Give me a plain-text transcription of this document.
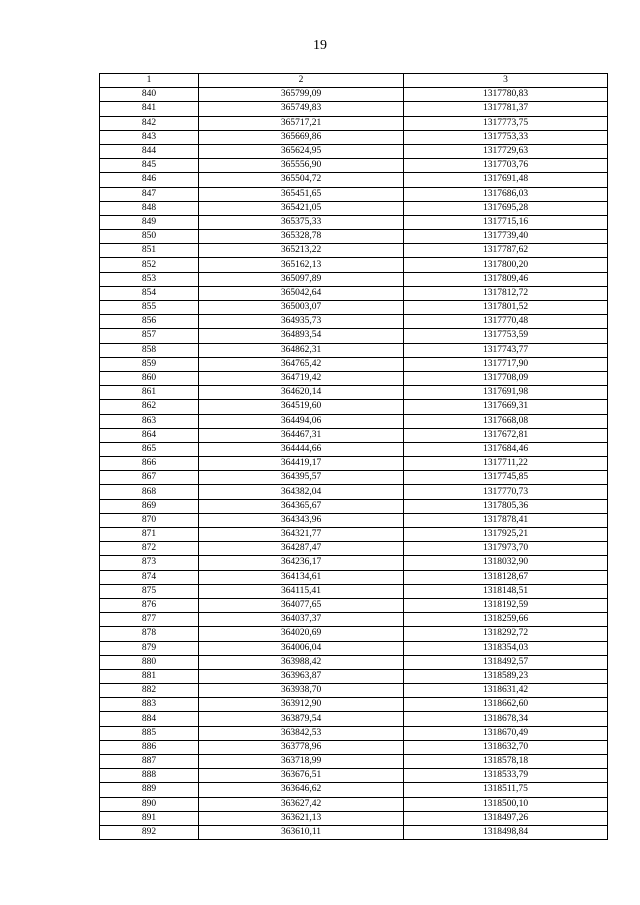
19
1	2	3
840	365799,09	1317780,83
841	365749,83	1317781,37
842	365717,21	1317773,75
843	365669,86	1317753,33
844	365624,95	1317729,63
845	365556,90	1317703,76
846	365504,72	1317691,48
847	365451,65	1317686,03
848	365421,05	1317695,28
849	365375,33	1317715,16
850	365328,78	1317739,40
851	365213,22	1317787,62
852	365162,13	1317800,20
853	365097,89	1317809,46
854	365042,64	1317812,72
855	365003,07	1317801,52
856	364935,73	1317770,48
857	364893,54	1317753,59
858	364862,31	1317743,77
859	364765,42	1317717,90
860	364719,42	1317708,09
861	364620,14	1317691,98
862	364519,60	1317669,31
863	364494,06	1317668,08
864	364467,31	1317672,81
865	364444,66	1317684,46
866	364419,17	1317711,22
867	364395,57	1317745,85
868	364382,04	1317770,73
869	364365,67	1317805,36
870	364343,96	1317878,41
871	364321,77	1317925,21
872	364287,47	1317973,70
873	364236,17	1318032,90
874	364134,61	1318128,67
875	364115,41	1318148,51
876	364077,65	1318192,59
877	364037,37	1318259,66
878	364020,69	1318292,72
879	364006,04	1318354,03
880	363988,42	1318492,57
881	363963,87	1318589,23
882	363938,70	1318631,42
883	363912,90	1318662,60
884	363879,54	1318678,34
885	363842,53	1318670,49
886	363778,96	1318632,70
887	363718,99	1318578,18
888	363676,51	1318533,79
889	363646,62	1318511,75
890	363627,42	1318500,10
891	363621,13	1318497,26
892	363610,11	1318498,84
